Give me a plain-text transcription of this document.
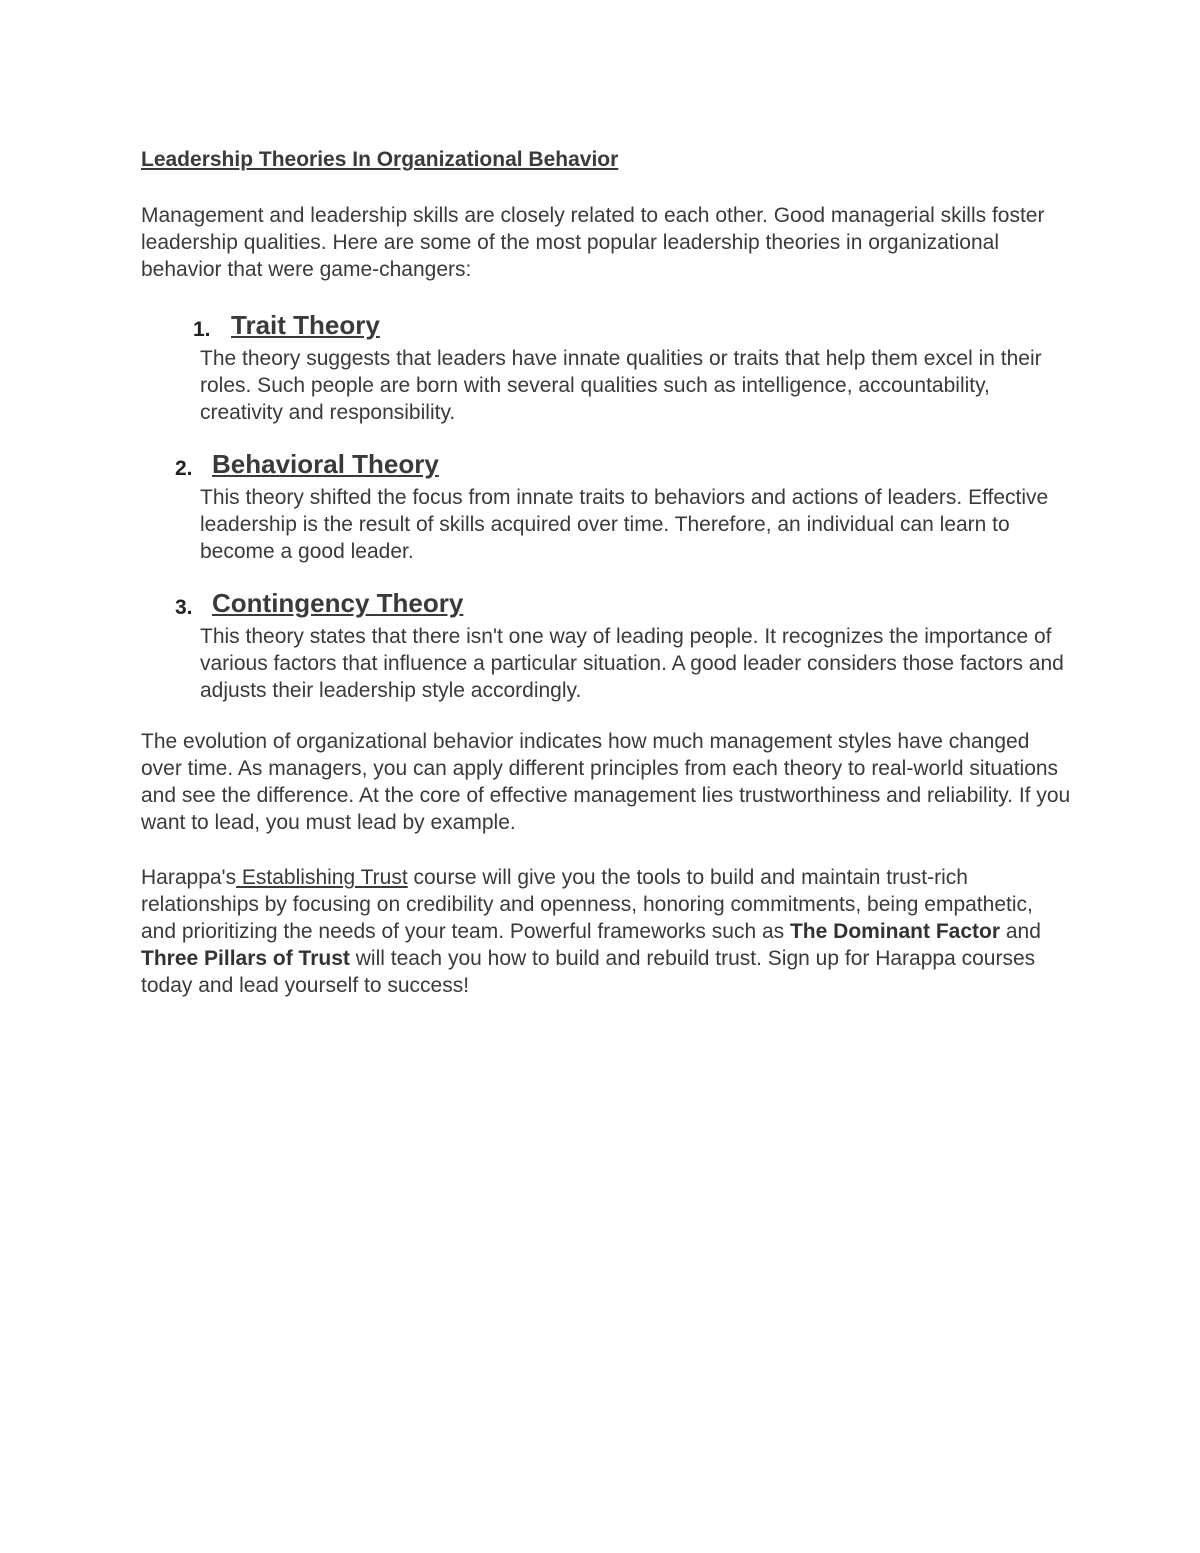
Leadership Theories In Organizational Behavior

Management and leadership skills are closely related to each other. Good managerial skills foster leadership qualities. Here are some of the most popular leadership theories in organizational behavior that were game-changers:

1. Trait Theory

The theory suggests that leaders have innate qualities or traits that help them excel in their roles. Such people are born with several qualities such as intelligence, accountability, creativity and responsibility.

2. Behavioral Theory

This theory shifted the focus from innate traits to behaviors and actions of leaders. Effective leadership is the result of skills acquired over time. Therefore, an individual can learn to become a good leader.

3. Contingency Theory

This theory states that there isn't one way of leading people. It recognizes the importance of various factors that influence a particular situation. A good leader considers those factors and adjusts their leadership style accordingly.

The evolution of organizational behavior indicates how much management styles have changed over time. As managers, you can apply different principles from each theory to real-world situations and see the difference. At the core of effective management lies trustworthiness and reliability. If you want to lead, you must lead by example.

Harappa's Establishing Trust course will give you the tools to build and maintain trust-rich relationships by focusing on credibility and openness, honoring commitments, being empathetic, and prioritizing the needs of your team. Powerful frameworks such as The Dominant Factor and Three Pillars of Trust will teach you how to build and rebuild trust. Sign up for Harappa courses today and lead yourself to success!
